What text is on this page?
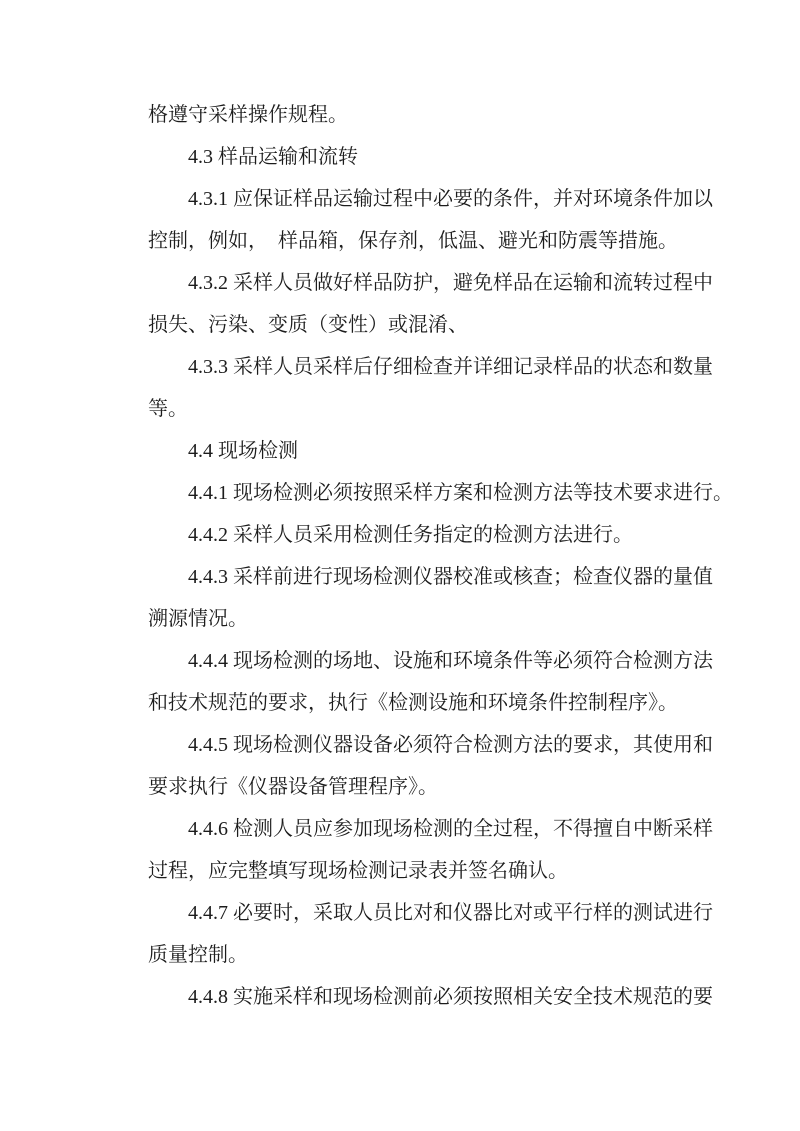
格遵守采样操作规程。
4.3 样品运输和流转
4.3.1 应保证样品运输过程中必要的条件，并对环境条件加以
控制，例如，　样品箱，保存剂，低温、避光和防震等措施。
4.3.2 采样人员做好样品防护，避免样品在运输和流转过程中
损失、污染、变质（变性）或混淆、
4.3.3 采样人员采样后仔细检查并详细记录样品的状态和数量
等。
4.4 现场检测
4.4.1 现场检测必须按照采样方案和检测方法等技术要求进行。
4.4.2 采样人员采用检测任务指定的检测方法进行。
4.4.3 采样前进行现场检测仪器校准或核查；检查仪器的量值
溯源情况。
4.4.4 现场检测的场地、设施和环境条件等必须符合检测方法
和技术规范的要求，执行《检测设施和环境条件控制程序》。
4.4.5 现场检测仪器设备必须符合检测方法的要求，其使用和
要求执行《仪器设备管理程序》。
4.4.6 检测人员应参加现场检测的全过程，不得擅自中断采样
过程，应完整填写现场检测记录表并签名确认。
4.4.7 必要时，采取人员比对和仪器比对或平行样的测试进行
质量控制。
4.4.8 实施采样和现场检测前必须按照相关安全技术规范的要
